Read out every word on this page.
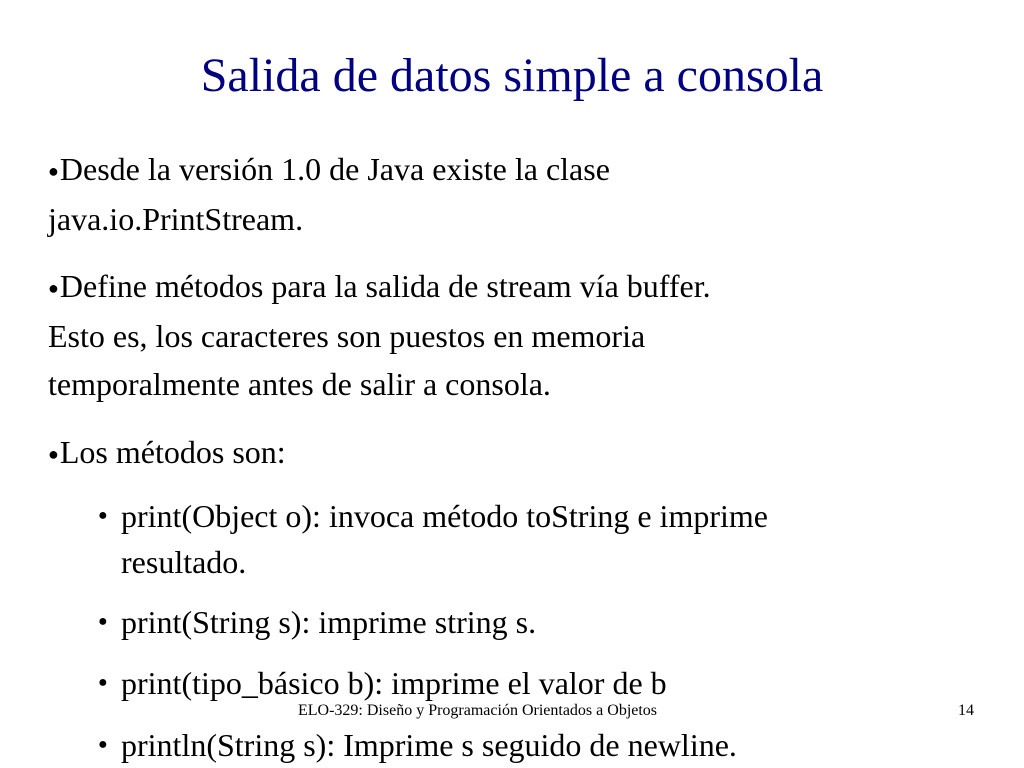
Salida de datos simple a consola
●Desde la versión 1.0 de Java existe la clase
java.io.PrintStream.
●Define métodos para la salida de stream vía buffer.
Esto es, los caracteres son puestos en memoria
temporalmente antes de salir a consola.
●Los métodos son:
● print(Object o): invoca método toString e imprime
resultado.
● print(String s): imprime string s.
● print(tipo_básico b): imprime el valor de b
● println(String s): Imprime s seguido de newline.
ELO-329: Diseño y Programación Orientados a Objetos	14
